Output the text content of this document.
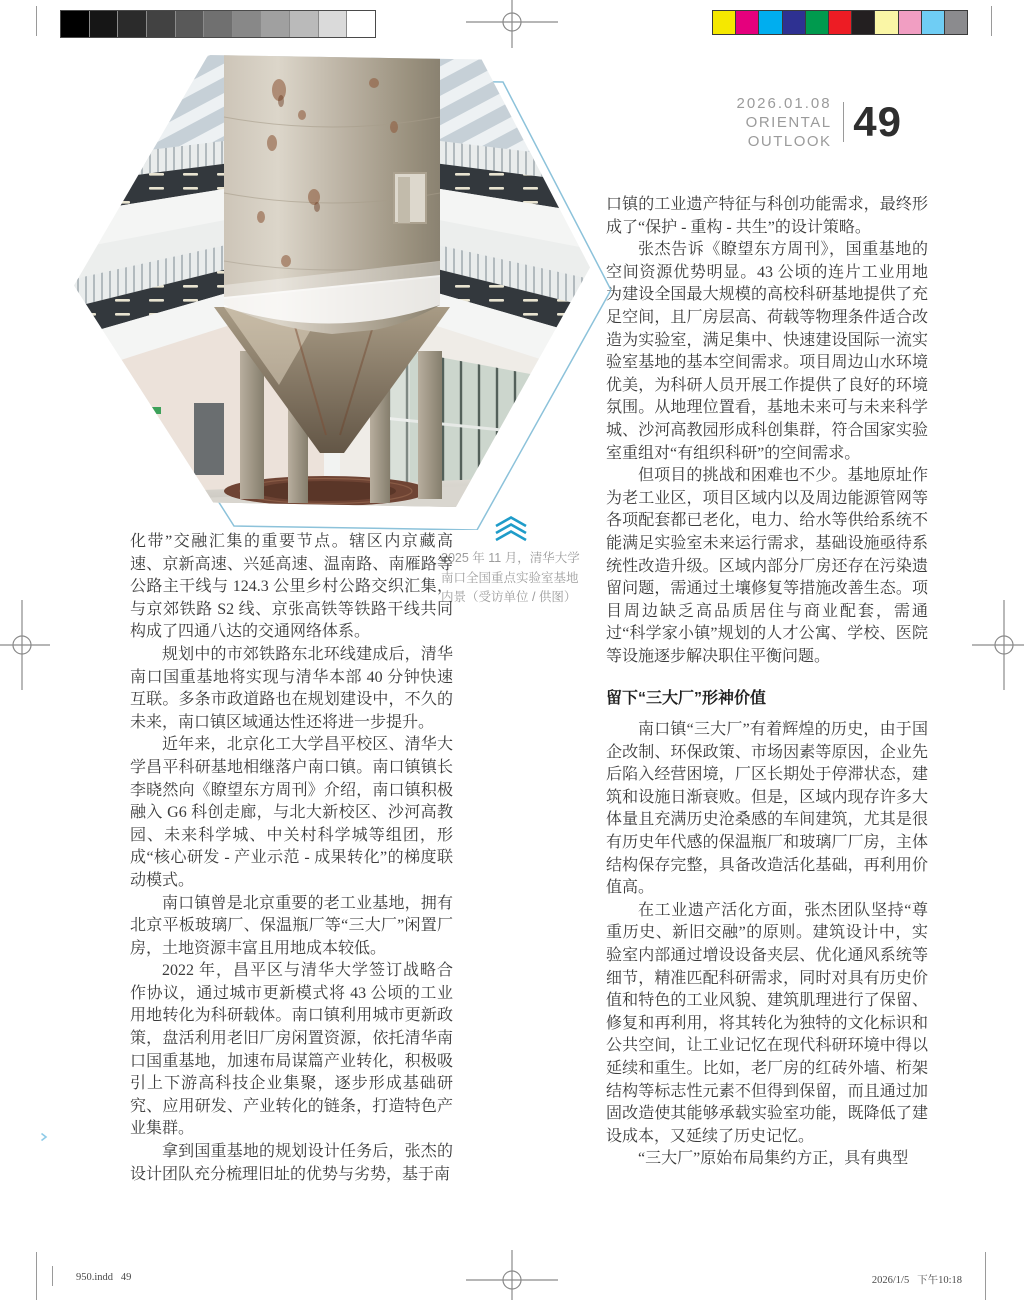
2026.01.08
ORIENTAL OUTLOOK 49
2025 年 11 月，清华大学
南口全国重点实验室基地
内景（受访单位 / 供图）

化带”交融汇集的重要节点。辖区内京藏高速、京新高速、兴延高速、温南路、南雁路等公路主干线与 124.3 公里乡村公路交织汇集，与京郊铁路 S2 线、京张高铁等铁路干线共同构成了四通八达的交通网络体系。

规划中的市郊铁路东北环线建成后，清华南口国重基地将实现与清华本部 40 分钟快速互联。多条市政道路也在规划建设中，不久的未来，南口镇区域通达性还将进一步提升。

近年来，北京化工大学昌平校区、清华大学昌平科研基地相继落户南口镇。南口镇镇长李晓然向《瞭望东方周刊》介绍，南口镇积极融入 G6 科创走廊，与北大新校区、沙河高教园、未来科学城、中关村科学城等组团，形成“核心研发 - 产业示范 - 成果转化”的梯度联动模式。

南口镇曾是北京重要的老工业基地，拥有北京平板玻璃厂、保温瓶厂等“三大厂”闲置厂房，土地资源丰富且用地成本较低。

2022 年，昌平区与清华大学签订战略合作协议，通过城市更新模式将 43 公顷的工业用地转化为科研载体。南口镇利用城市更新政策，盘活利用老旧厂房闲置资源，依托清华南口国重基地，加速布局谋篇产业转化，积极吸引上下游高科技企业集聚，逐步形成基础研究、应用研发、产业转化的链条，打造特色产业集群。

拿到国重基地的规划设计任务后，张杰的设计团队充分梳理旧址的优势与劣势，基于南

口镇的工业遗产特征与科创功能需求，最终形成了“保护 - 重构 - 共生”的设计策略。

张杰告诉《瞭望东方周刊》，国重基地的空间资源优势明显。43 公顷的连片工业用地为建设全国最大规模的高校科研基地提供了充足空间，且厂房层高、荷载等物理条件适合改造为实验室，满足集中、快速建设国际一流实验室基地的基本空间需求。项目周边山水环境优美，为科研人员开展工作提供了良好的环境氛围。从地理位置看，基地未来可与未来科学城、沙河高教园形成科创集群，符合国家实验室重组对“有组织科研”的空间需求。

但项目的挑战和困难也不少。基地原址作为老工业区，项目区域内以及周边能源管网等各项配套都已老化，电力、给水等供给系统不能满足实验室未来运行需求，基础设施亟待系统性改造升级。区域内部分厂房还存在污染遗留问题，需通过土壤修复等措施改善生态。项目周边缺乏高品质居住与商业配套，需通过“科学家小镇”规划的人才公寓、学校、医院等设施逐步解决职住平衡问题。

留下“三大厂”形神价值

南口镇“三大厂”有着辉煌的历史，由于国企改制、环保政策、市场因素等原因，企业先后陷入经营困境，厂区长期处于停滞状态，建筑和设施日渐衰败。但是，区域内现存许多大体量且充满历史沧桑感的车间建筑，尤其是很有历史年代感的保温瓶厂和玻璃厂厂房，主体结构保存完整，具备改造活化基础，再利用价值高。

在工业遗产活化方面，张杰团队坚持“尊重历史、新旧交融”的原则。建筑设计中，实验室内部通过增设设备夹层、优化通风系统等细节，精准匹配科研需求，同时对具有历史价值和特色的工业风貌、建筑肌理进行了保留、修复和再利用，将其转化为独特的文化标识和公共空间，让工业记忆在现代科研环境中得以延续和重生。比如，老厂房的红砖外墙、桁架结构等标志性元素不但得到保留，而且通过加固改造使其能够承载实验室功能，既降低了建设成本，又延续了历史记忆。

“三大厂”原始布局集约方正，具有典型

950.indd   49	2026/1/5   下午10:18
